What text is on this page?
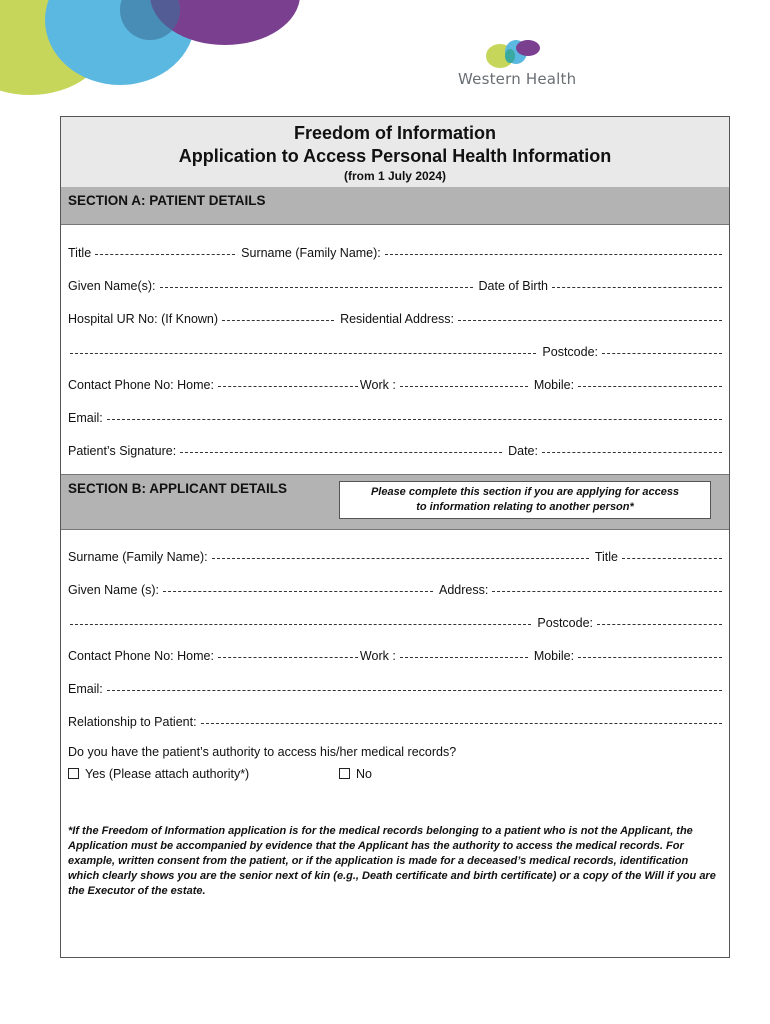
Western Health
Freedom of Information
Application to Access Personal Health Information
(from 1 July 2024)
SECTION A: PATIENT DETAILS
Title	Surname (Family Name):
Given Name(s):	Date of Birth
Hospital UR No: (If Known)	Residential Address:
Postcode:
Contact Phone No: Home:	Work :	Mobile:
Email:
Patient’s Signature:	Date:
SECTION B: APPLICANT DETAILS	Please complete this section if you are applying for access
to information relating to another person*
Surname (Family Name):	Title
Given Name (s):	Address:
Postcode:
Contact Phone No: Home:	Work :	Mobile:
Email:
Relationship to Patient:
Do you have the patient’s authority to access his/her medical records?
Yes (Please attach authority*)	No
*If the Freedom of Information application is for the medical records belonging to a patient who is not the Applicant, the Application must be accompanied by evidence that the Applicant has the authority to access the medical records. For example, written consent from the patient, or if the application is made for a deceased’s medical records, identification which clearly shows you are the senior next of kin (e.g., Death certificate and birth certificate) or a copy of the Will if you are the Executor of the estate.
